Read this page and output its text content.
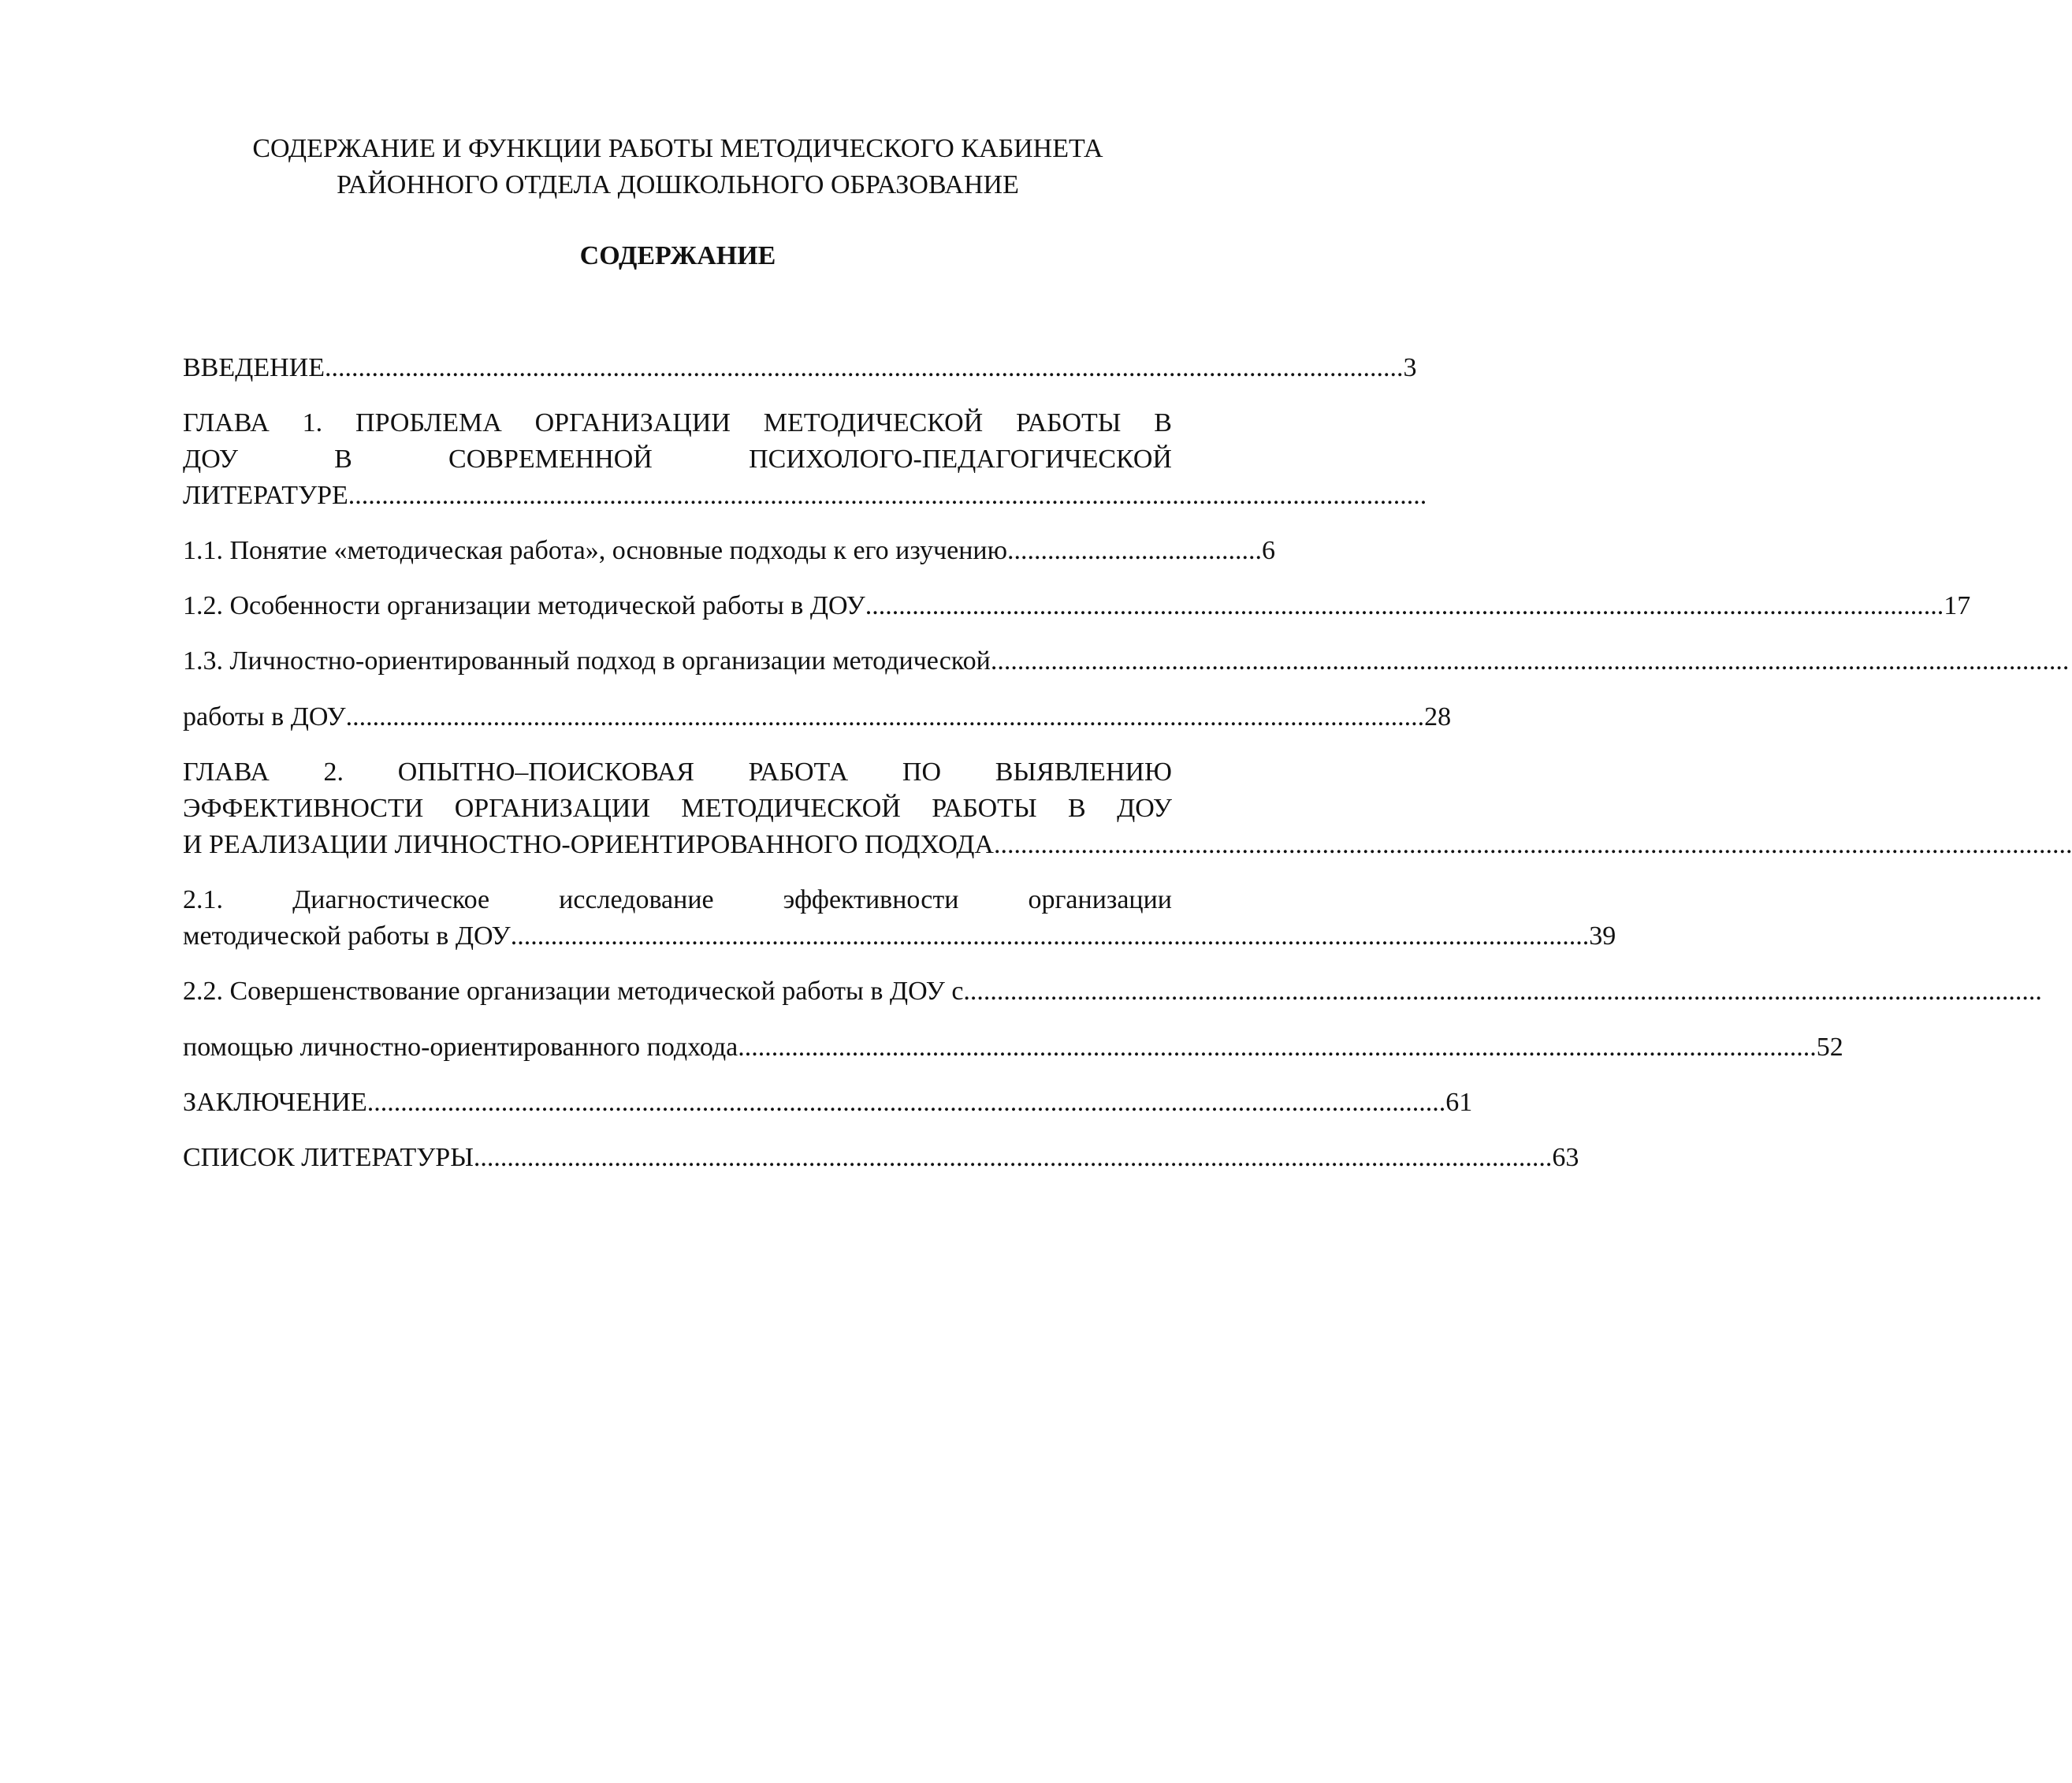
СОДЕРЖАНИЕ И ФУНКЦИИ РАБОТЫ МЕТОДИЧЕСКОГО КАБИНЕТА
РАЙОННОГО ОТДЕЛА ДОШКОЛЬНОГО ОБРАЗОВАНИЕ
СОДЕРЖАНИЕ
ВВЕДЕНИЕ ................................................................................................................................................................. 3
ГЛАВА 1. ПРОБЛЕМА ОРГАНИЗАЦИИ МЕТОДИЧЕСКОЙ РАБОТЫ В
ДОУ В СОВРЕМЕННОЙ ПСИХОЛОГО-ПЕДАГОГИЧЕСКОЙ
ЛИТЕРАТУРЕ .................................................................................................................................................................
1.1. Понятие «методическая работа», основные подходы к его изучению ...................................... 6
1.2. Особенности организации методической работы в ДОУ ................................................................................................................................................................. 17
1.3. Личностно-ориентированный подход в организации методической .................................................................................................................................................................
работы в ДОУ ................................................................................................................................................................. 28
ГЛАВА 2. ОПЫТНО–ПОИСКОВАЯ РАБОТА ПО ВЫЯВЛЕНИЮ
ЭФФЕКТИВНОСТИ ОРГАНИЗАЦИИ МЕТОДИЧЕСКОЙ РАБОТЫ В ДОУ
И РЕАЛИЗАЦИИ ЛИЧНОСТНО-ОРИЕНТИРОВАННОГО ПОДХОДА .................................................................................................................................................................
2.1. Диагностическое исследование эффективности организации
методической работы в ДОУ ................................................................................................................................................................. 39
2.2. Совершенствование организации методической работы в ДОУ с .................................................................................................................................................................
помощью личностно-ориентированного подхода ................................................................................................................................................................. 52
ЗАКЛЮЧЕНИЕ ................................................................................................................................................................. 61
СПИСОК ЛИТЕРАТУРЫ ................................................................................................................................................................. 63
